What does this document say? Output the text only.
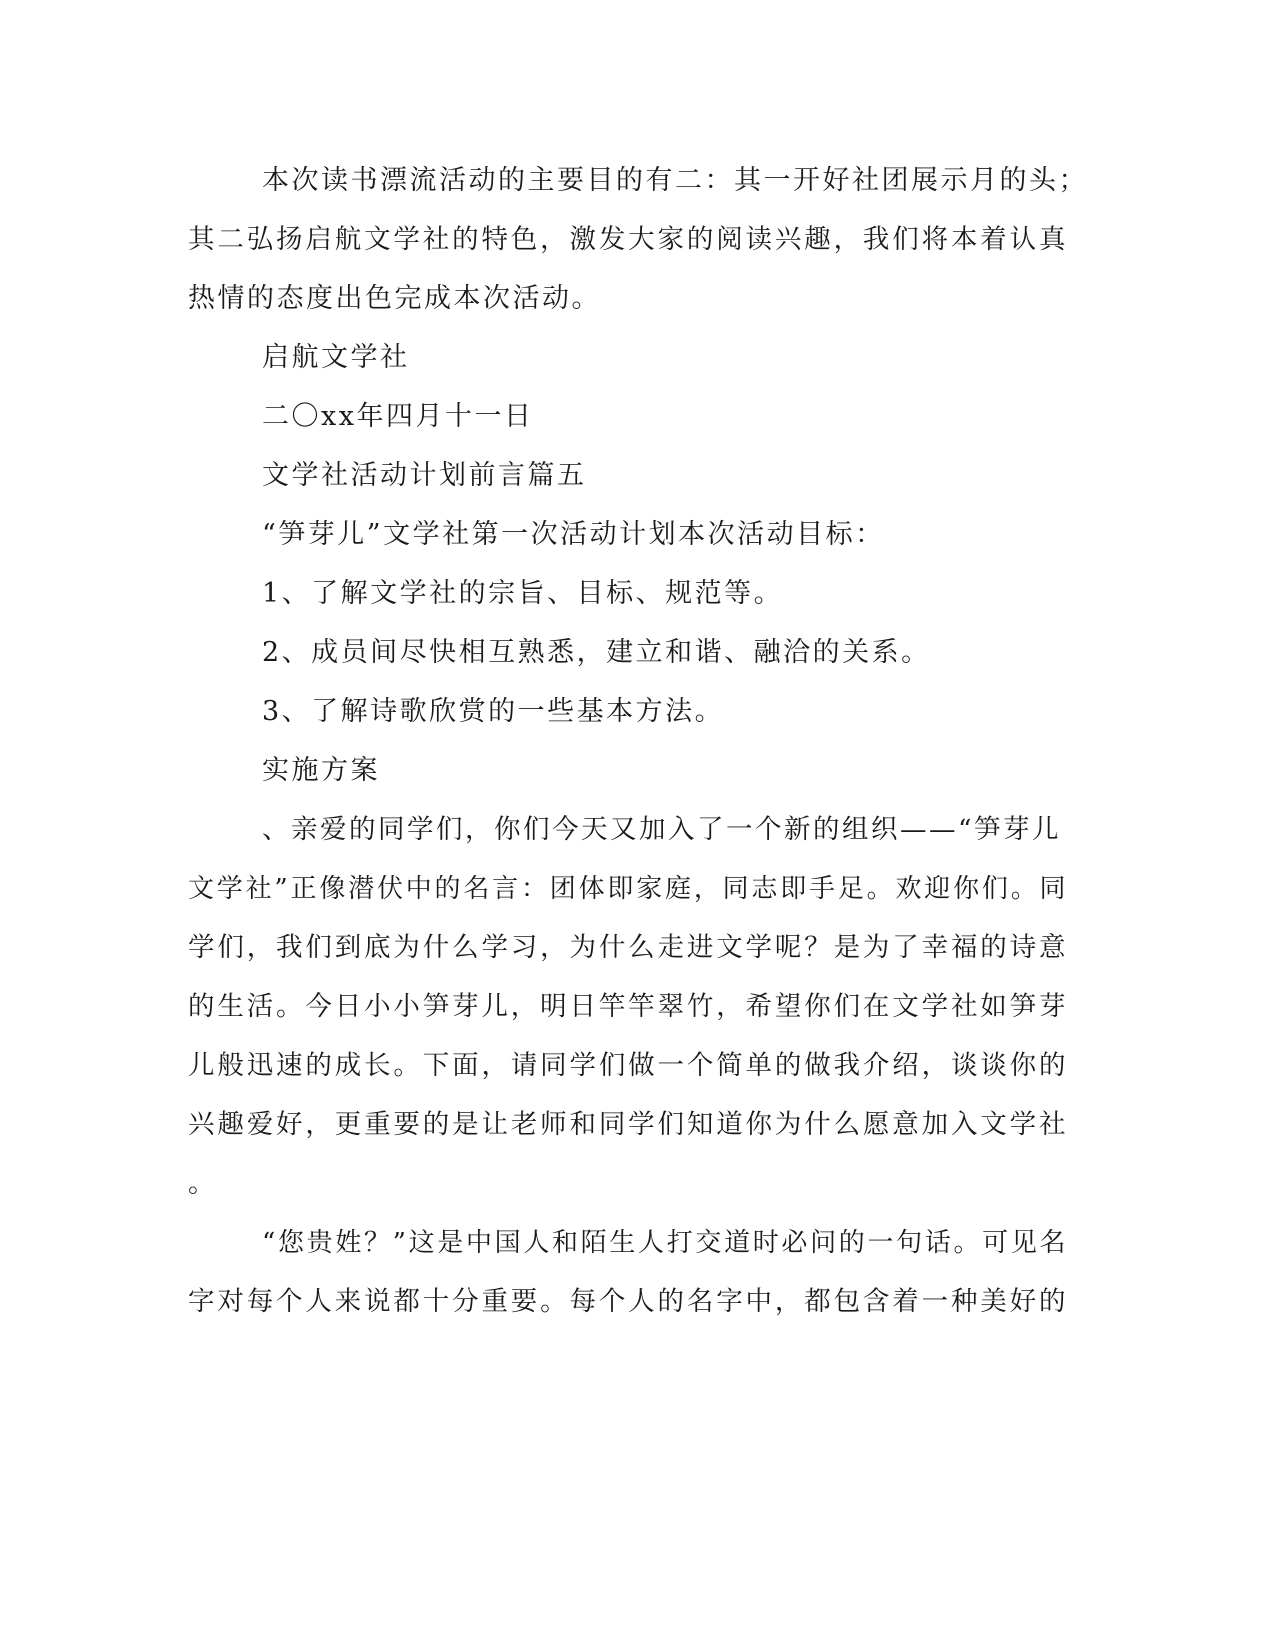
本次读书漂流活动的主要目的有二：其一开好社团展示月的头；
其二弘扬启航文学社的特色，激发大家的阅读兴趣，我们将本着认真
热情的态度出色完成本次活动。
启航文学社
二〇xx年四月十一日
文学社活动计划前言篇五
“笋芽儿”文学社第一次活动计划本次活动目标：
1、了解文学社的宗旨、目标、规范等。
2、成员间尽快相互熟悉，建立和谐、融洽的关系。
3、了解诗歌欣赏的一些基本方法。
实施方案
、亲爱的同学们，你们今天又加入了一个新的组织——“笋芽儿
文学社”正像潜伏中的名言：团体即家庭，同志即手足。欢迎你们。同
学们，我们到底为什么学习，为什么走进文学呢？是为了幸福的诗意
的生活。今日小小笋芽儿，明日竿竿翠竹，希望你们在文学社如笋芽
儿般迅速的成长。下面，请同学们做一个简单的做我介绍，谈谈你的
兴趣爱好，更重要的是让老师和同学们知道你为什么愿意加入文学社
。
“您贵姓？”这是中国人和陌生人打交道时必问的一句话。可见名
字对每个人来说都十分重要。每个人的名字中，都包含着一种美好的
